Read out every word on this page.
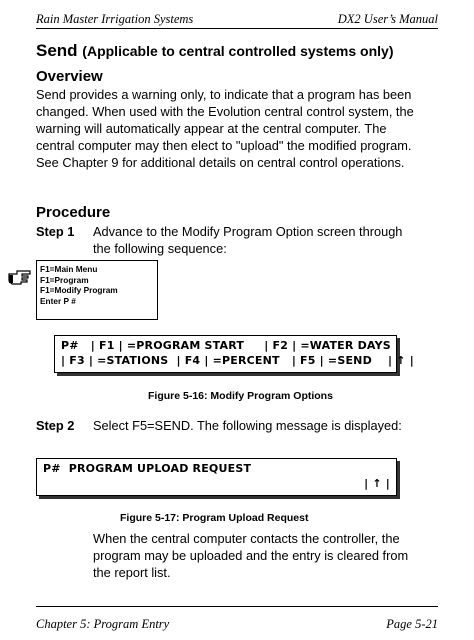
Rain Master Irrigation Systems	DX2 User’s Manual
Send (Applicable to central controlled systems only)
Overview

Send provides a warning only, to indicate that a program has been changed. When used with the Evolution central control system, the warning will automatically appear at the central computer. The central computer may then elect to "upload" the modified program. See Chapter 9 for additional details on central control operations.

Procedure
Step 1 Advance to the Modify Program Option screen through the following sequence:

F1=Main Menu
F1=Program
F1=Modify Program
Enter P #
P#   | F1 | =PROGRAM START     | F2 | =WATER DAYS
| F3 | =STATIONS  | F4 | =PERCENT   | F5 | =SEND    | ↑ |
Figure 5-16: Modify Program Options
Step 2 Select F5=SEND. The following message is displayed:

P#  PROGRAM UPLOAD REQUEST
| ↑ |
Figure 5-17: Program Upload Request

When the central computer contacts the controller, the program may be uploaded and the entry is cleared from the report list.

Chapter 5: Program Entry	Page 5-21
